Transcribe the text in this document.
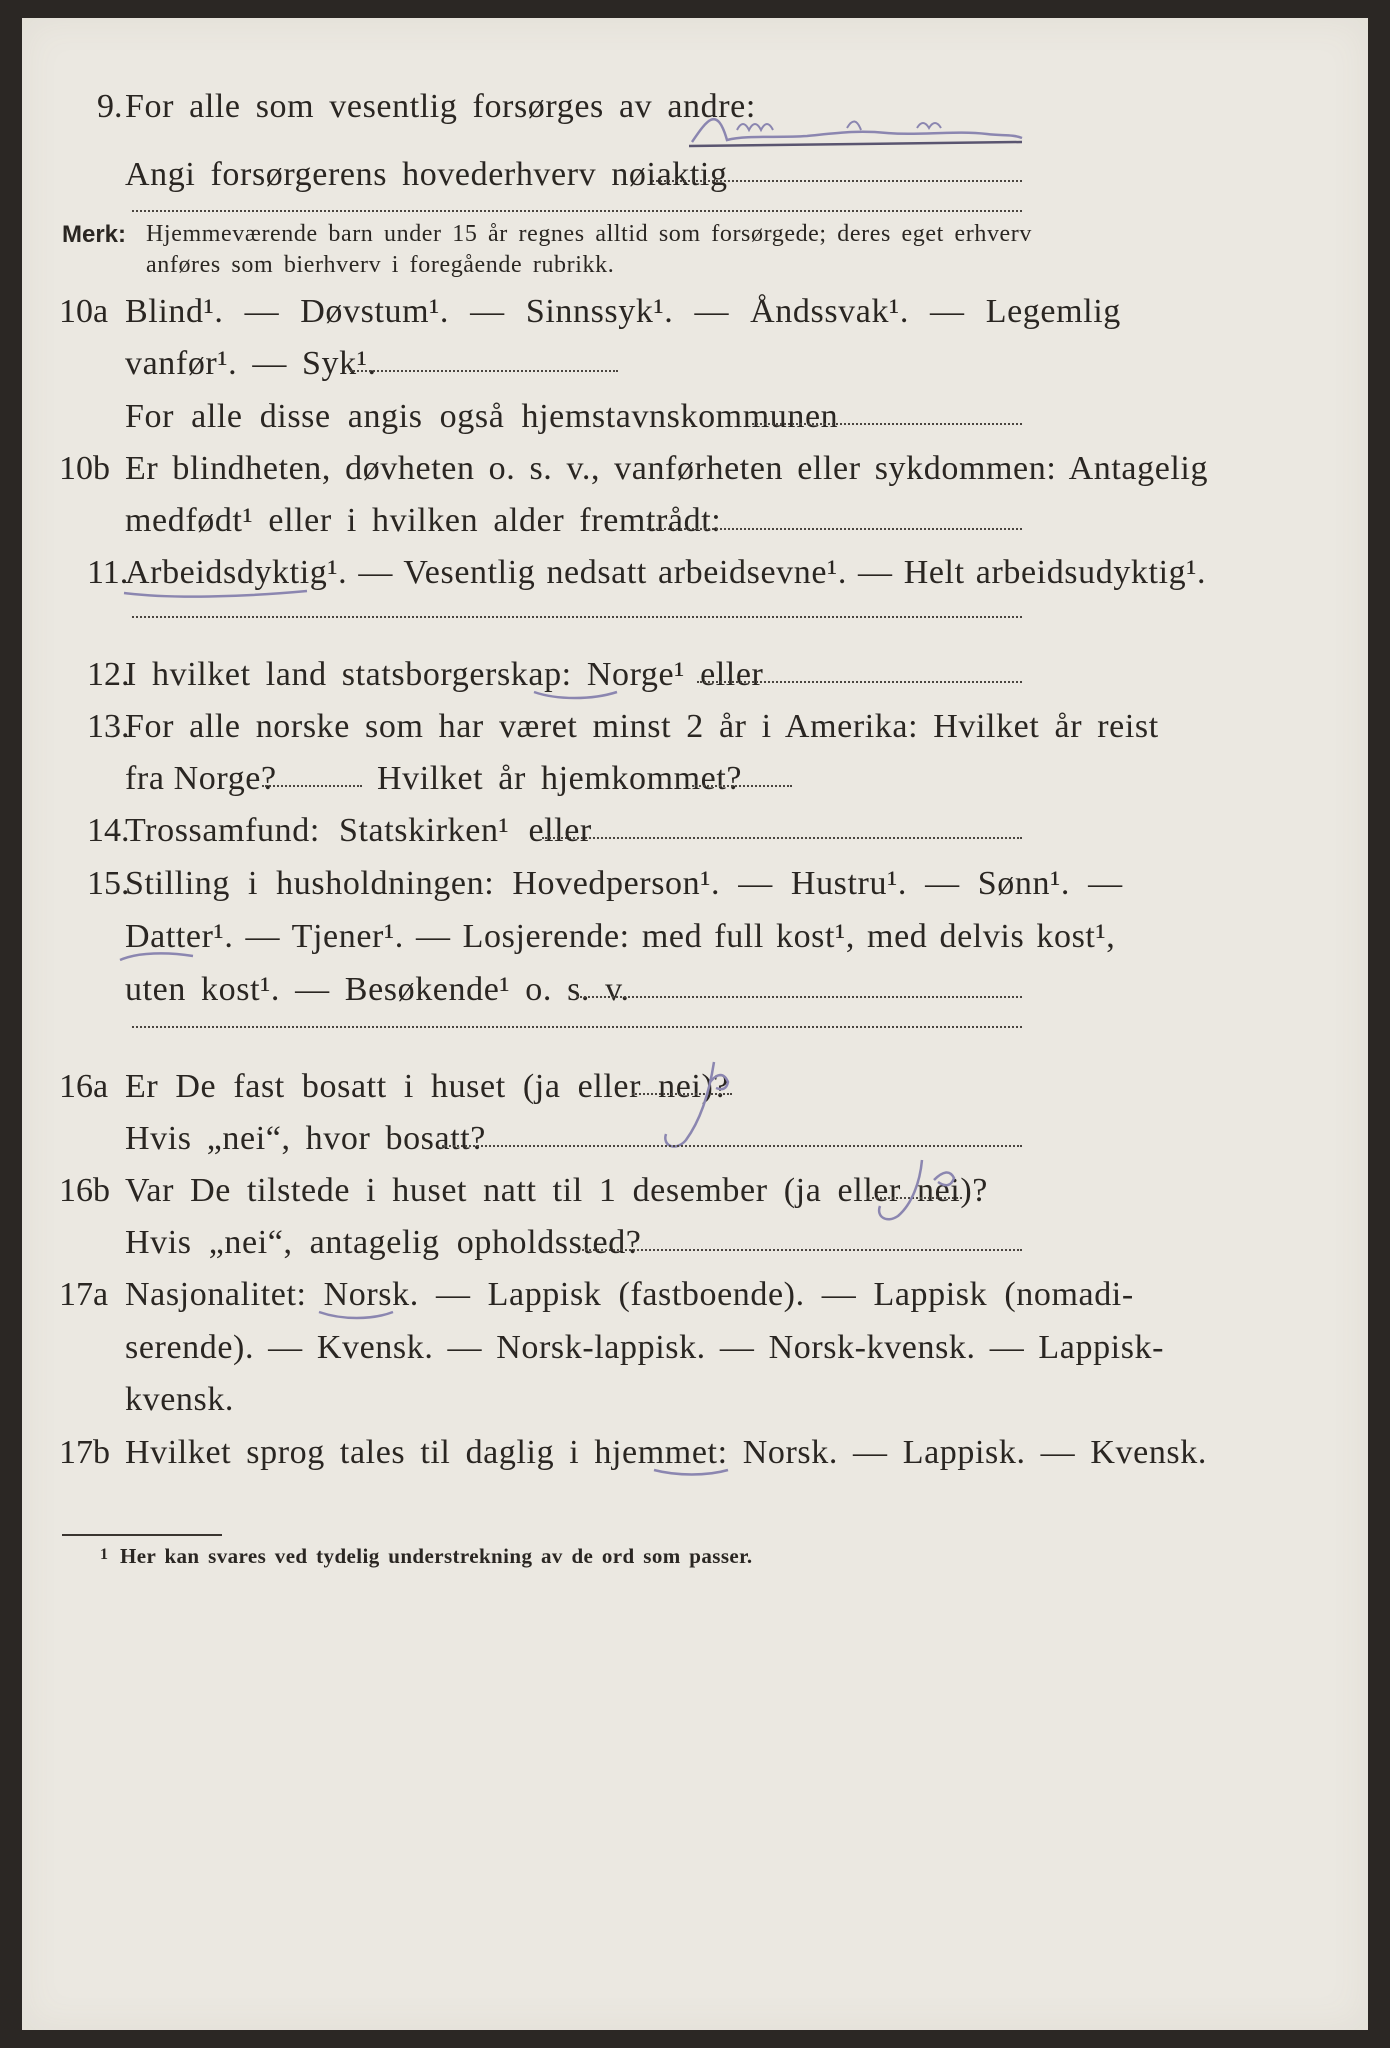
9. For alle som vesentlig forsørges av andre:
Angi forsørgerens hovederhverv nøiaktig
Merk: Hjemmeværende barn under 15 år regnes alltid som forsørgede; deres eget erhverv
anføres som bierhverv i foregående rubrikk.
10a Blind¹. — Døvstum¹. — Sinnssyk¹. — Åndssvak¹. — Legemlig
vanfør¹. — Syk¹.
For alle disse angis også hjemstavnskommunen
10b Er blindheten, døvheten o. s. v., vanførheten eller sykdommen: Antagelig
medfødt¹ eller i hvilken alder fremtrådt:
11.
Arbeidsdyktig¹. — Vesentlig nedsatt arbeidsevne¹. — Helt arbeidsudyktig¹.
12.
I hvilket land statsborgerskap: Norge¹ eller
13.
For alle norske som har været minst 2 år i Amerika: Hvilket år reist
fra Norge?	Hvilket år hjemkommet?
14.
Trossamfund: Statskirken¹ eller
15.
Stilling i husholdningen: Hovedperson¹. — Hustru¹. — Sønn¹. —
Datter¹. — Tjener¹. — Losjerende: med full kost¹, med delvis kost¹,
uten kost¹. — Besøkende¹ o. s. v.
16a Er De fast bosatt i huset (ja eller nei)?
Hvis „nei“, hvor bosatt?
16b Var De tilstede i huset natt til 1 desember (ja eller nei)?
Hvis „nei“, antagelig opholdssted?
17a Nasjonalitet: Norsk. — Lappisk (fastboende). — Lappisk (nomadi-
serende). — Kvensk. — Norsk-lappisk. — Norsk-kvensk. — Lappisk-
kvensk.
17b Hvilket sprog tales til daglig i hjemmet: Norsk. — Lappisk. — Kvensk.
1 Her kan svares ved tydelig understrekning av de ord som passer.
